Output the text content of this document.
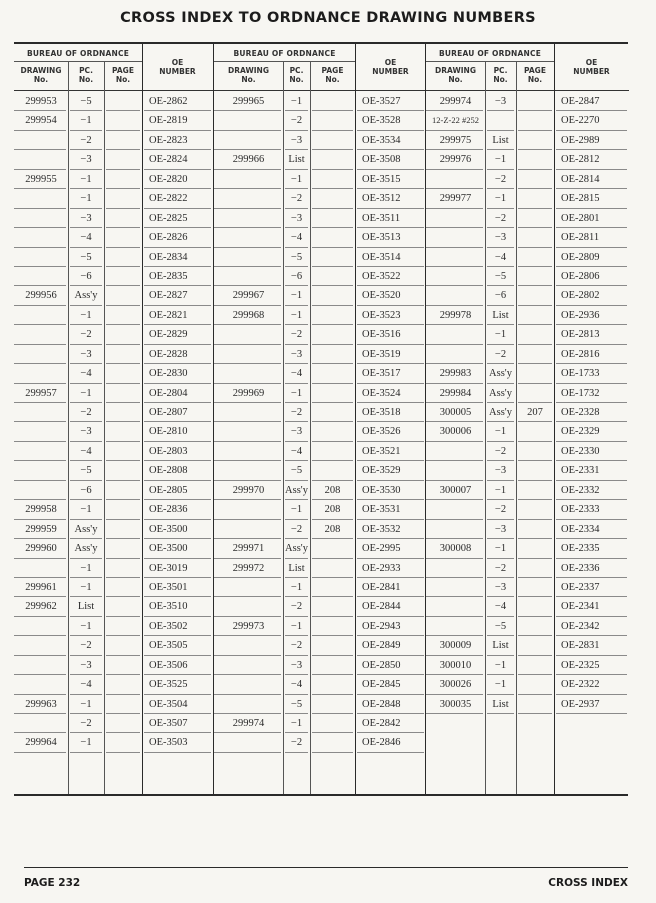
CROSS INDEX TO ORDNANCE DRAWING NUMBERS
BUREAU OF ORDNANCE
DRAWING
No.
PC.
No.
PAGE
No.
OE
NUMBER
299953	−5	OE-2862
299954	−1	OE-2819
−2	OE-2823
−3	OE-2824
299955	−1	OE-2820
−1	OE-2822
−3	OE-2825
−4	OE-2826
−5	OE-2834
−6	OE-2835
299956	Ass'y	OE-2827
−1	OE-2821
−2	OE-2829
−3	OE-2828
−4	OE-2830
299957	−1	OE-2804
−2	OE-2807
−3	OE-2810
−4	OE-2803
−5	OE-2808
−6	OE-2805
299958	−1	OE-2836
299959	Ass'y	OE-3500
299960	Ass'y	OE-3500
−1	OE-3019
299961	−1	OE-3501
299962	List	OE-3510
−1	OE-3502
−2	OE-3505
−3	OE-3506
−4	OE-3525
299963	−1	OE-3504
−2	OE-3507
299964	−1	OE-3503
BUREAU OF ORDNANCE
DRAWING
No.
PC.
No.
PAGE
No.
OE
NUMBER
299965	−1	OE-3527
−2	OE-3528
−3	OE-3534
299966	List	OE-3508
−1	OE-3515
−2	OE-3512
−3	OE-3511
−4	OE-3513
−5	OE-3514
−6	OE-3522
299967	−1	OE-3520
299968	−1	OE-3523
−2	OE-3516
−3	OE-3519
−4	OE-3517
299969	−1	OE-3524
−2	OE-3518
−3	OE-3526
−4	OE-3521
−5	OE-3529
299970	Ass'y	208	OE-3530
−1	208	OE-3531
−2	208	OE-3532
299971	Ass'y	OE-2995
299972	List	OE-2933
−1	OE-2841
−2	OE-2844
299973	−1	OE-2943
−2	OE-2849
−3	OE-2850
−4	OE-2845
−5	OE-2848
299974	−1	OE-2842
−2	OE-2846
BUREAU OF ORDNANCE
DRAWING
No.
PC.
No.
PAGE
No.
OE
NUMBER
299974	−3	OE-2847
12-Z-22 #252	OE-2270
299975	List	OE-2989
299976	−1	OE-2812
−2	OE-2814
299977	−1	OE-2815
−2	OE-2801
−3	OE-2811
−4	OE-2809
−5	OE-2806
−6	OE-2802
299978	List	OE-2936
−1	OE-2813
−2	OE-2816
299983	Ass'y	OE-1733
299984	Ass'y	OE-1732
300005	Ass'y	207	OE-2328
300006	−1	OE-2329
−2	OE-2330
−3	OE-2331
300007	−1	OE-2332
−2	OE-2333
−3	OE-2334
300008	−1	OE-2335
−2	OE-2336
−3	OE-2337
−4	OE-2341
−5	OE-2342
300009	List	OE-2831
300010	−1	OE-2325
300026	−1	OE-2322
300035	List	OE-2937
PAGE 232	CROSS INDEX
